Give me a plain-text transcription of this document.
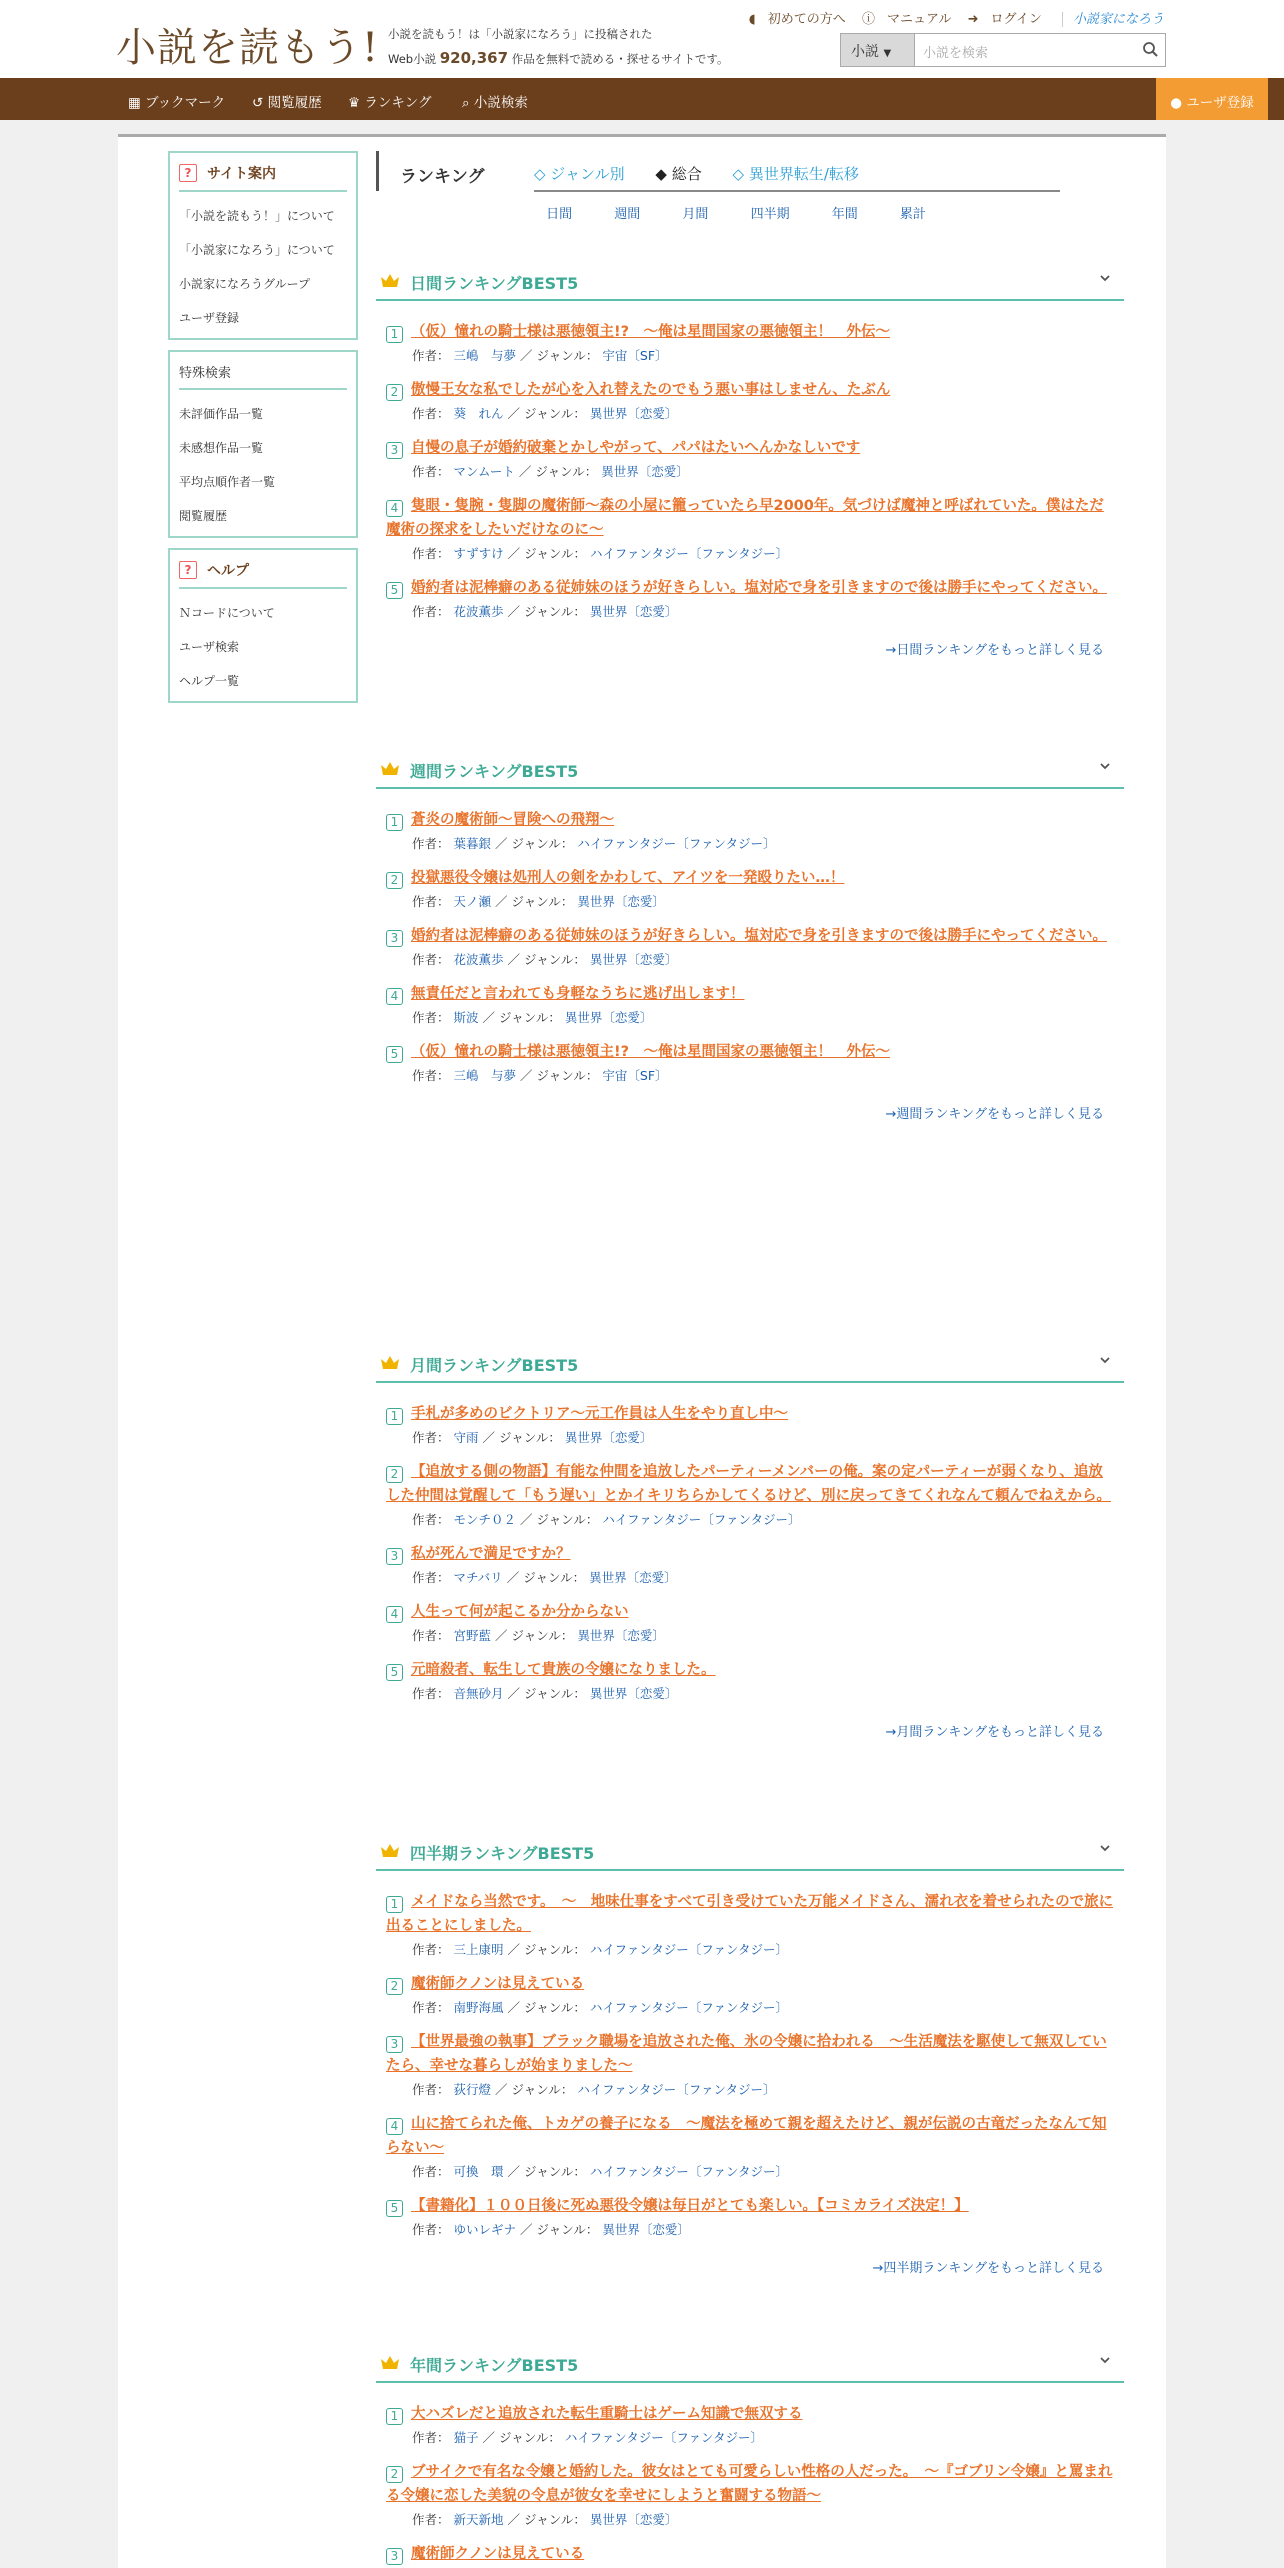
小説を読もう! 小説を読もう！は「小説家になろう」に投稿された
Web小説 920,367 作品を無料で読める・探せるサイトです。
◖ 初めての方へ ⓘ マニュアル ➜ ログイン 小説家になろう
小説 ▼	小説を検索
▦ ブックマーク ↺ 閲覧履歴 ♛ ランキング ⌕ 小説検索	● ユーザ登録
?	サイト案内
「小説を読もう！」について
「小説家になろう」について
小説家になろうグループ
ユーザ登録
特殊検索
未評価作品一覧
未感想作品一覧
平均点順作者一覧
閲覧履歴
?	ヘルプ
Ｎコードについて
ユーザ検索
ヘルプ一覧
ランキング	◇ ジャンル別 ◆ 総合 ◇ 異世界転生/転移
日間	週間	月間	四半期	年間	累計
日間ランキングBEST5
1 （仮）憧れの騎士様は悪徳領主!?　～俺は星間国家の悪徳領主！　外伝～
作者： 三嶋　与夢 ／ ジャンル： 宇宙〔SF〕
2 傲慢王女な私でしたが心を入れ替えたのでもう悪い事はしません、たぶん
作者： 葵　れん ／ ジャンル： 異世界〔恋愛〕
3 自慢の息子が婚約破棄とかしやがって、パパはたいへんかなしいです
作者： マンムート ／ ジャンル： 異世界〔恋愛〕
4 隻眼・隻腕・隻脚の魔術師～森の小屋に籠っていたら早2000年。気づけば魔神と呼ばれていた。僕はただ魔術の探求をしたいだけなのに～
作者： すずすけ ／ ジャンル： ハイファンタジー〔ファンタジー〕
5 婚約者は泥棒癖のある従姉妹のほうが好きらしい。塩対応で身を引きますので後は勝手にやってください。
作者： 花波薫歩 ／ ジャンル： 異世界〔恋愛〕
→日間ランキングをもっと詳しく見る
週間ランキングBEST5
1 蒼炎の魔術師～冒険への飛翔～
作者： 葉暮銀 ／ ジャンル： ハイファンタジー〔ファンタジー〕
2 投獄悪役令嬢は処刑人の剣をかわして、アイツを一発殴りたい…！
作者： 天ノ瀬 ／ ジャンル： 異世界〔恋愛〕
3 婚約者は泥棒癖のある従姉妹のほうが好きらしい。塩対応で身を引きますので後は勝手にやってください。
作者： 花波薫歩 ／ ジャンル： 異世界〔恋愛〕
4 無責任だと言われても身軽なうちに逃げ出します！
作者： 斯波 ／ ジャンル： 異世界〔恋愛〕
5 （仮）憧れの騎士様は悪徳領主!?　～俺は星間国家の悪徳領主！　外伝～
作者： 三嶋　与夢 ／ ジャンル： 宇宙〔SF〕
→週間ランキングをもっと詳しく見る
月間ランキングBEST5
1 手札が多めのビクトリア～元工作員は人生をやり直し中～
作者： 守雨 ／ ジャンル： 異世界〔恋愛〕
2 【追放する側の物語】有能な仲間を追放したパーティーメンバーの俺。案の定パーティーが弱くなり、追放した仲間は覚醒して「もう遅い」とかイキリちらかしてくるけど、別に戻ってきてくれなんて頼んでねえから。
作者： モンチ０２ ／ ジャンル： ハイファンタジー〔ファンタジー〕
3 私が死んで満足ですか？
作者： マチバリ ／ ジャンル： 異世界〔恋愛〕
4 人生って何が起こるか分からない
作者： 宮野藍 ／ ジャンル： 異世界〔恋愛〕
5 元暗殺者、転生して貴族の令嬢になりました。
作者： 音無砂月 ／ ジャンル： 異世界〔恋愛〕
→月間ランキングをもっと詳しく見る
四半期ランキングBEST5
1 メイドなら当然です。　～　地味仕事をすべて引き受けていた万能メイドさん、濡れ衣を着せられたので旅に出ることにしました。
作者： 三上康明 ／ ジャンル： ハイファンタジー〔ファンタジー〕
2 魔術師クノンは見えている
作者： 南野海風 ／ ジャンル： ハイファンタジー〔ファンタジー〕
3 【世界最強の執事】ブラック職場を追放された俺、氷の令嬢に拾われる　～生活魔法を駆使して無双していたら、幸せな暮らしが始まりました～
作者： 荻行燈 ／ ジャンル： ハイファンタジー〔ファンタジー〕
4 山に捨てられた俺、トカゲの養子になる　～魔法を極めて親を超えたけど、親が伝説の古竜だったなんて知らない～
作者： 可換　環 ／ ジャンル： ハイファンタジー〔ファンタジー〕
5 【書籍化】１００日後に死ぬ悪役令嬢は毎日がとても楽しい。【コミカライズ決定！】
作者： ゆいレギナ ／ ジャンル： 異世界〔恋愛〕
→四半期ランキングをもっと詳しく見る
年間ランキングBEST5
1 大ハズレだと追放された転生重騎士はゲーム知識で無双する
作者： 猫子 ／ ジャンル： ハイファンタジー〔ファンタジー〕
2 ブサイクで有名な令嬢と婚約した。彼女はとても可愛らしい性格の人だった。　～『ゴブリン令嬢』と罵まれる令嬢に恋した美貌の令息が彼女を幸せにしようと奮闘する物語～
作者： 新天新地 ／ ジャンル： 異世界〔恋愛〕
3 魔術師クノンは見えている
